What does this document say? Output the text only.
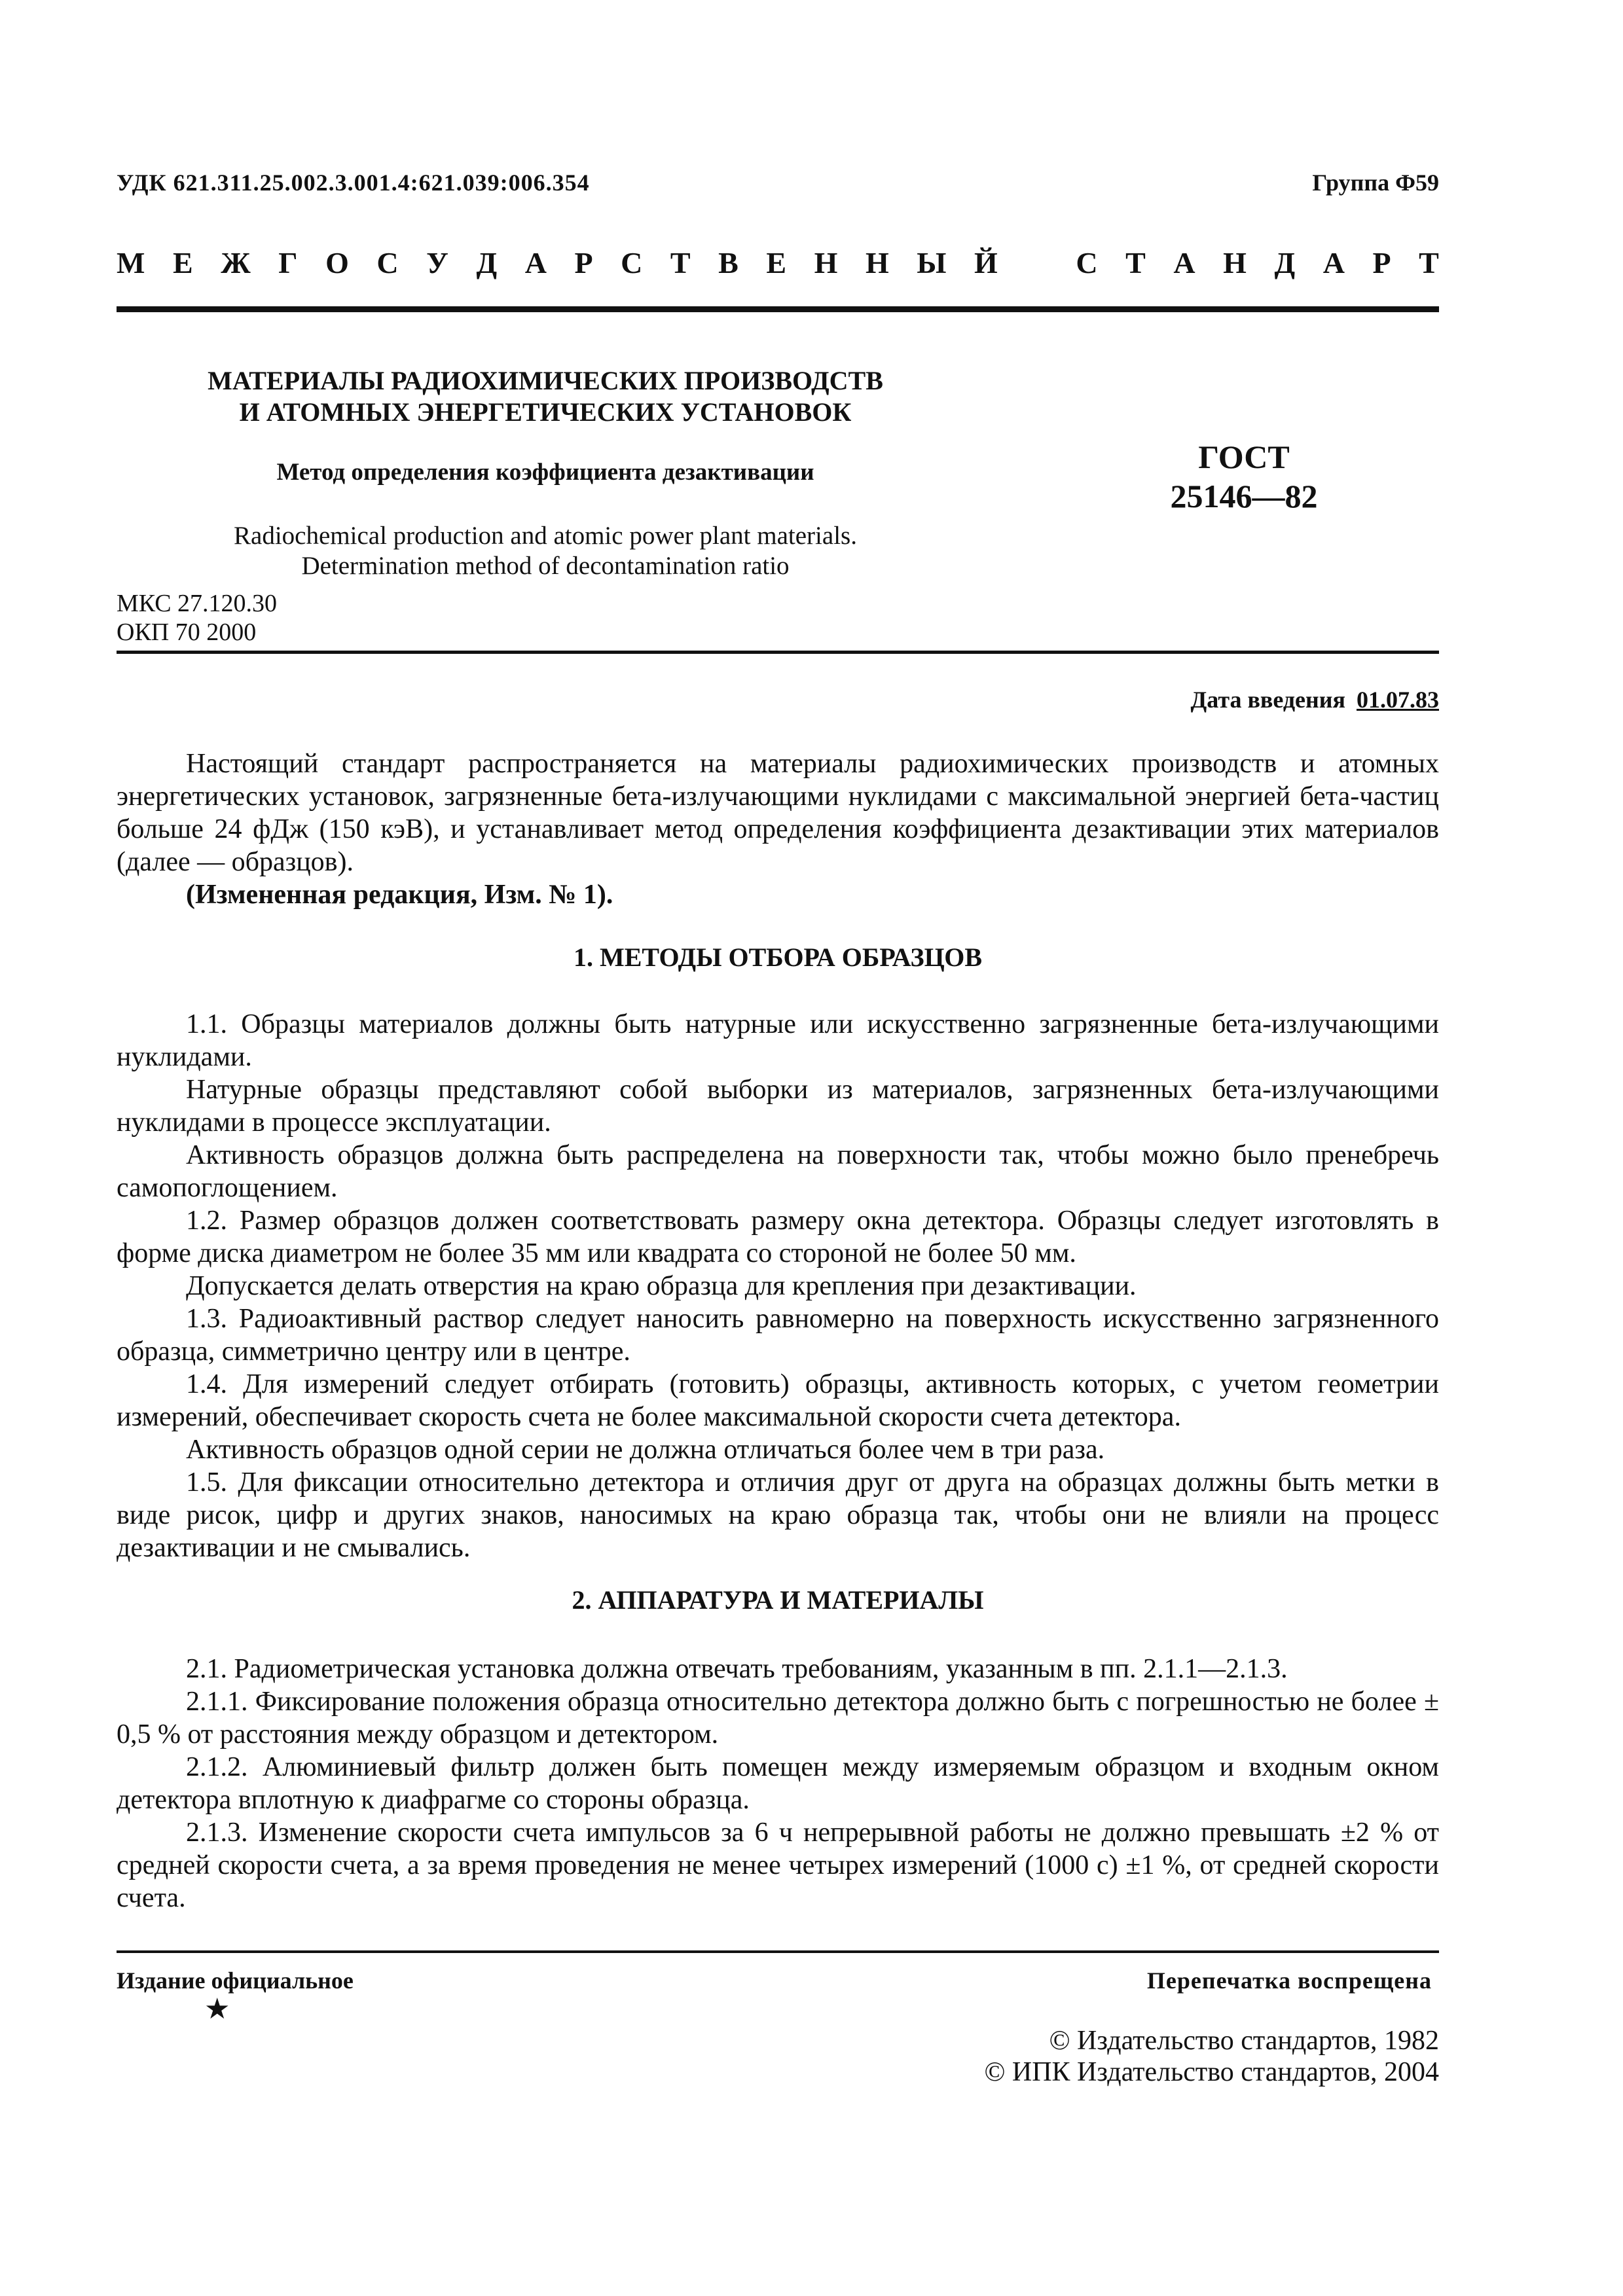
УДК 621.311.25.002.3.001.4:621.039:006.354	Группа Ф59
М Е Ж Г О С У Д А Р С Т В Е Н Н Ы Й
	С Т А Н Д А Р Т
МАТЕРИАЛЫ РАДИОХИМИЧЕСКИХ ПРОИЗВОДСТВ
И АТОМНЫХ ЭНЕРГЕТИЧЕСКИХ УСТАНОВОК
Метод определения коэффициента дезактивации
Radiochemical production and atomic power plant materials.
Determination method of decontamination ratio
ГОСТ
25146—82
МКС 27.120.30
ОКП 70 2000
Дата введения 01.07.83
Настоящий стандарт распространяется на материалы радиохимических производств и атомных энергетических установок, загрязненные бета-излучающими нуклидами с максимальной энергией бета-частиц больше 24 фДж (150 кэВ), и устанавливает метод определения коэффициента дезактивации этих материалов (далее — образцов).
(Измененная редакция, Изм. № 1).
1. МЕТОДЫ ОТБОРА ОБРАЗЦОВ
1.1. Образцы материалов должны быть натурные или искусственно загрязненные бета-излучающими нуклидами.
Натурные образцы представляют собой выборки из материалов, загрязненных бета-излучающими нуклидами в процессе эксплуатации.
Активность образцов должна быть распределена на поверхности так, чтобы можно было пренебречь самопоглощением.
1.2. Размер образцов должен соответствовать размеру окна детектора. Образцы следует изготовлять в форме диска диаметром не более 35 мм или квадрата со стороной не более 50 мм.
Допускается делать отверстия на краю образца для крепления при дезактивации.
1.3. Радиоактивный раствор следует наносить равномерно на поверхность искусственно загрязненного образца, симметрично центру или в центре.
1.4. Для измерений следует отбирать (готовить) образцы, активность которых, с учетом геометрии измерений, обеспечивает скорость счета не более максимальной скорости счета детектора.
Активность образцов одной серии не должна отличаться более чем в три раза.
1.5. Для фиксации относительно детектора и отличия друг от друга на образцах должны быть метки в виде рисок, цифр и других знаков, наносимых на краю образца так, чтобы они не влияли на процесс дезактивации и не смывались.
2. АППАРАТУРА И МАТЕРИАЛЫ
2.1. Радиометрическая установка должна отвечать требованиям, указанным в пп. 2.1.1—2.1.3.
2.1.1. Фиксирование положения образца относительно детектора должно быть с погрешностью не более ± 0,5 % от расстояния между образцом и детектором.
2.1.2. Алюминиевый фильтр должен быть помещен между измеряемым образцом и входным окном детектора вплотную к диафрагме со стороны образца.
2.1.3. Изменение скорости счета импульсов за 6 ч непрерывной работы не должно превышать ±2 % от средней скорости счета, а за время проведения не менее четырех измерений (1000 с) ±1 %, от средней скорости счета.
Издание официальное	Перепечатка воспрещена
★
© Издательство стандартов, 1982
© ИПК Издательство стандартов, 2004
